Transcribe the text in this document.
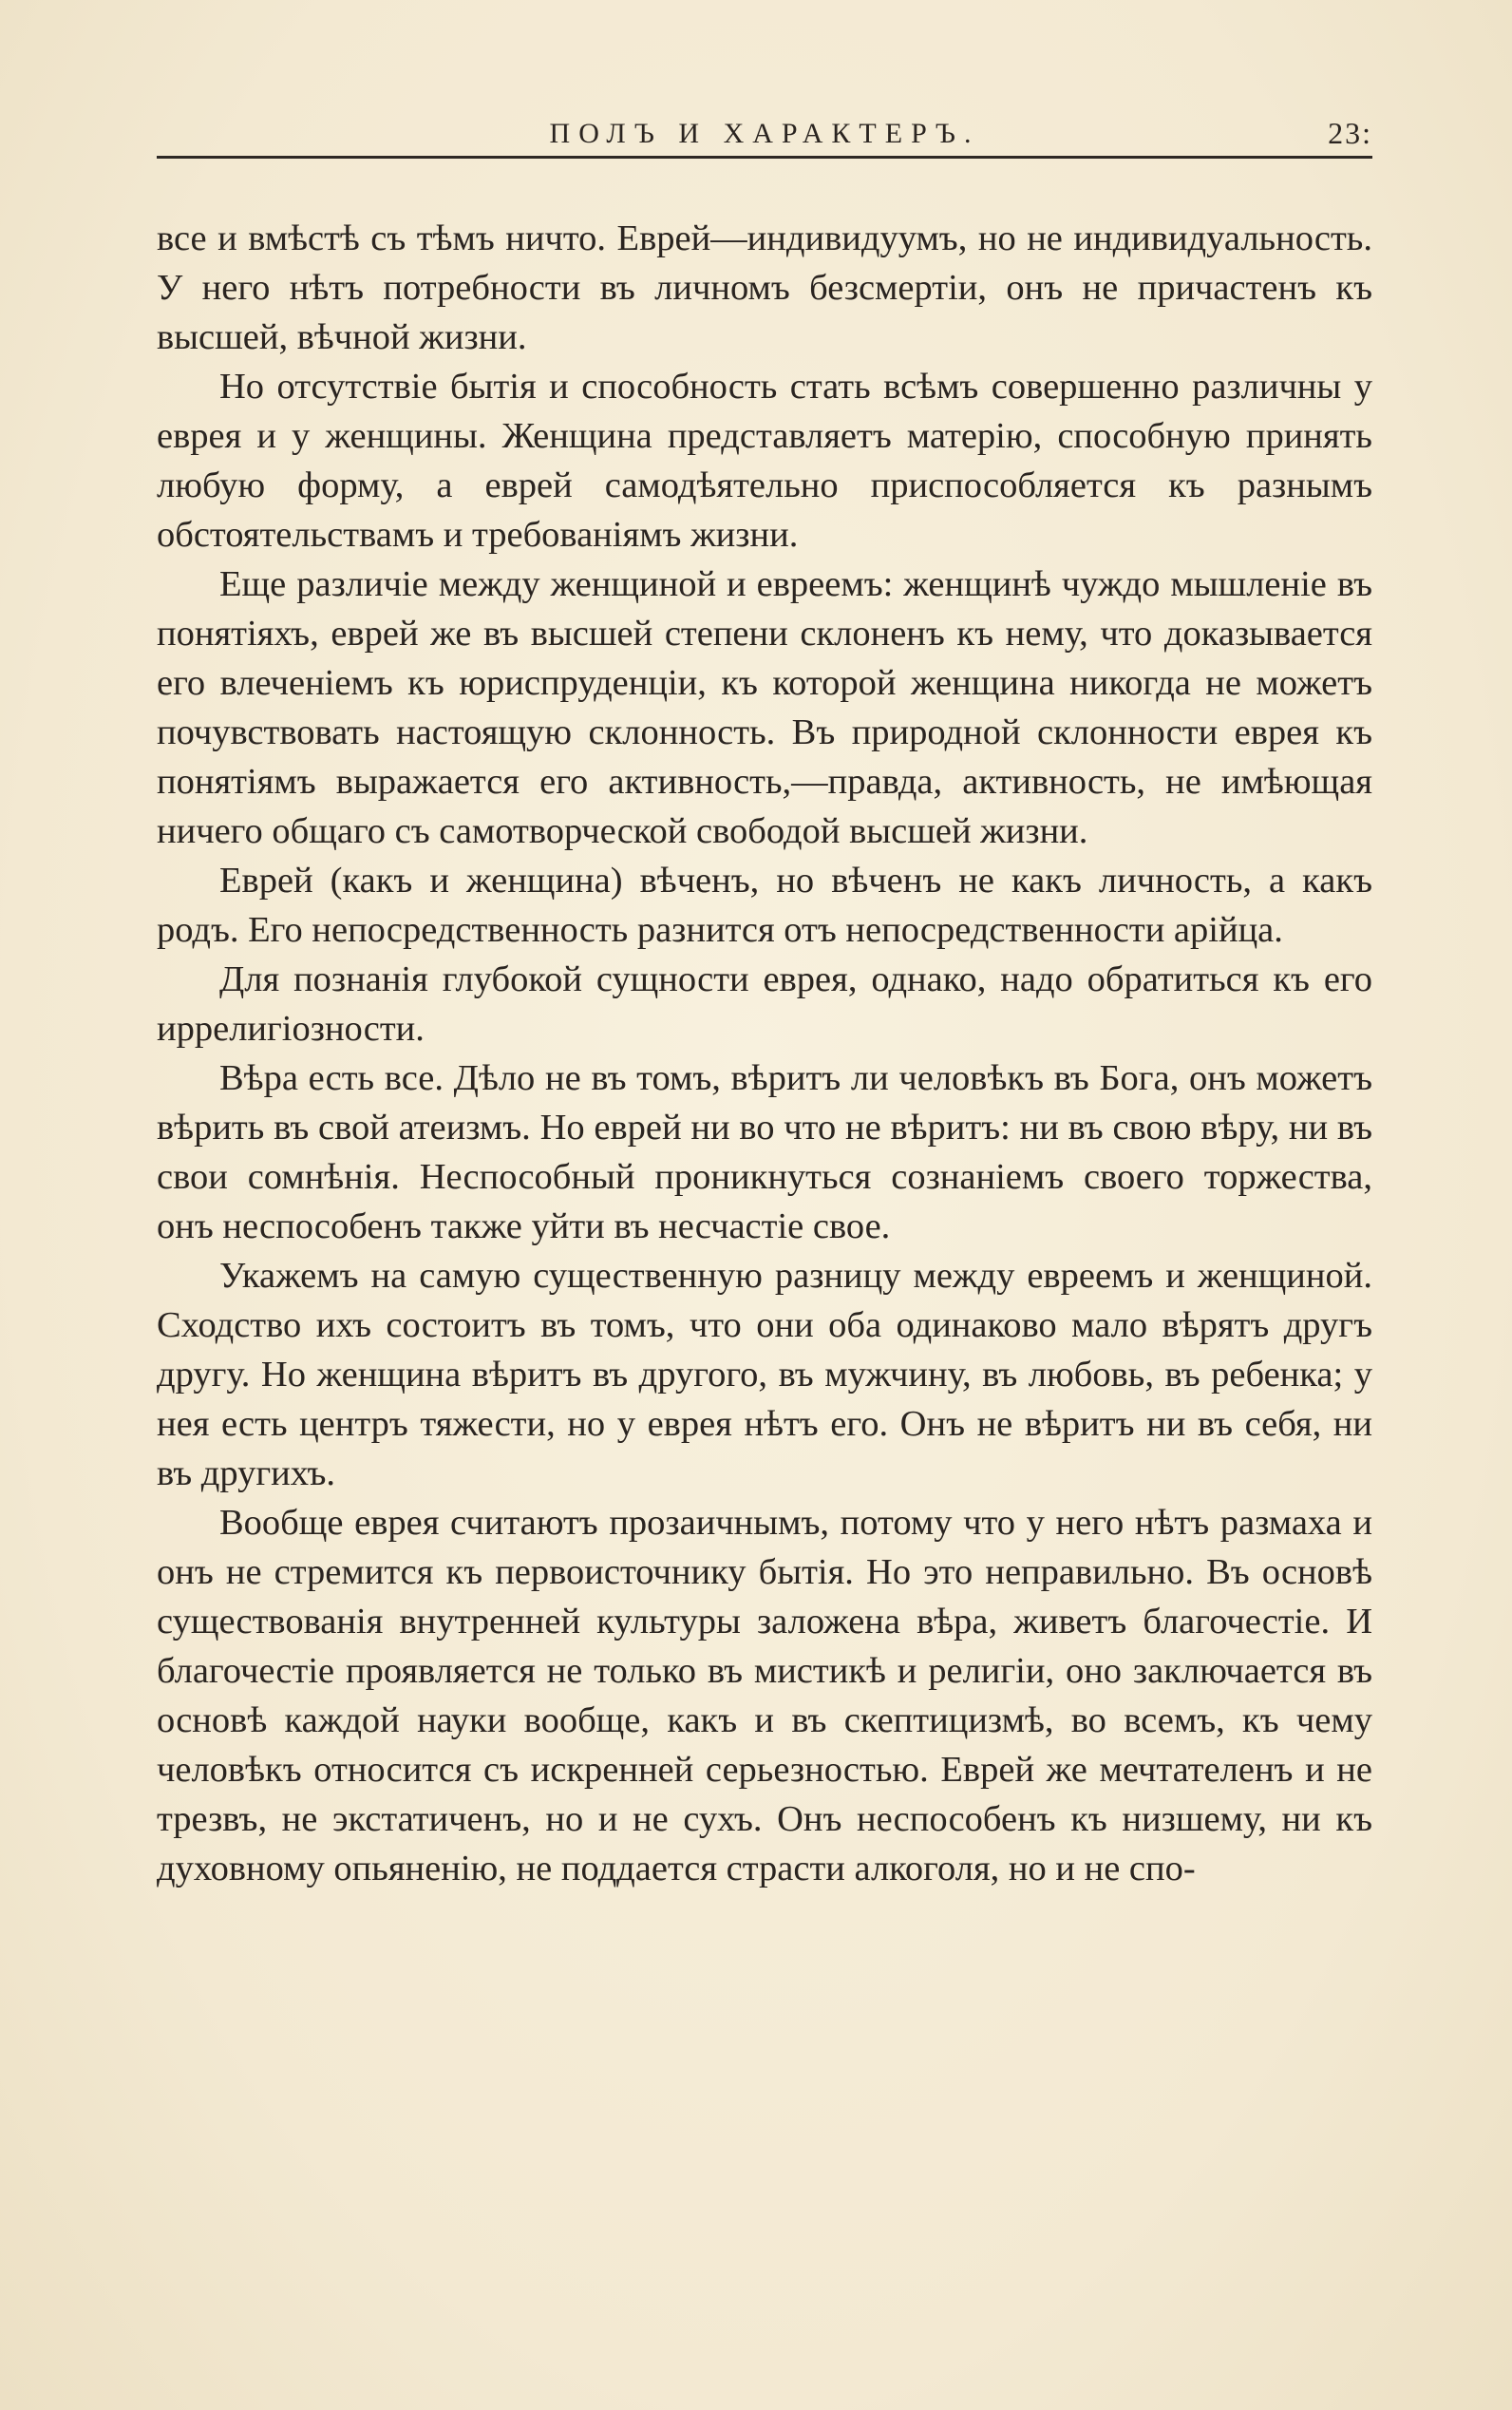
ПОЛЪ И ХАРАКТЕРЪ.	23:

все и вмѣстѣ съ тѣмъ ничто. Еврей—индивидуумъ, но не индивидуальность. У него нѣтъ потребности въ личномъ безсмертіи, онъ не причастенъ къ высшей, вѣчной жизни.

Но отсутствіе бытія и способность стать всѣмъ совершенно различны у еврея и у женщины. Женщина представляетъ матерію, способную принять любую форму, а еврей самодѣятельно приспособляется къ разнымъ обстоятельствамъ и требованіямъ жизни.

Еще различіе между женщиной и евреемъ: женщинѣ чуждо мышленіе въ понятіяхъ, еврей же въ высшей степени склоненъ къ нему, что доказывается его влеченіемъ къ юриспруденціи, къ которой женщина никогда не можетъ почувствовать настоящую склонность. Въ природной склонности еврея къ понятіямъ выражается его активность,—правда, активность, не имѣющая ничего общаго съ самотворческой свободой высшей жизни.

Еврей (какъ и женщина) вѣченъ, но вѣченъ не какъ личность, а какъ родъ. Его непосредственность разнится отъ непосредственности арійца.

Для познанія глубокой сущности еврея, однако, надо обратиться къ его иррелигіозности.

Вѣра есть все. Дѣло не въ томъ, вѣритъ ли человѣкъ въ Бога, онъ можетъ вѣрить въ свой атеизмъ. Но еврей ни во что не вѣритъ: ни въ свою вѣру, ни въ свои сомнѣнія. Неспособный проникнуться сознаніемъ своего торжества, онъ неспособенъ также уйти въ несчастіе свое.

Укажемъ на самую существенную разницу между евреемъ и женщиной. Сходство ихъ состоитъ въ томъ, что они оба одинаково мало вѣрятъ другъ другу. Но женщина вѣритъ въ другого, въ мужчину, въ любовь, въ ребенка; у нея есть центръ тяжести, но у еврея нѣтъ его. Онъ не вѣритъ ни въ себя, ни въ другихъ.

Вообще еврея считаютъ прозаичнымъ, потому что у него нѣтъ размаха и онъ не стремится къ первоисточнику бытія. Но это неправильно. Въ основѣ существованія внутренней культуры заложена вѣра, живетъ благочестіе. И благочестіе проявляется не только въ мистикѣ и религіи, оно заключается въ основѣ каждой науки вообще, какъ и въ скептицизмѣ, во всемъ, къ чему человѣкъ относится съ искренней серьезностью. Еврей же мечтателенъ и не трезвъ, не экстатиченъ, но и не сухъ. Онъ неспособенъ къ низшему, ни къ духовному опьяненію, не поддается страсти алкоголя, но и не спо-
